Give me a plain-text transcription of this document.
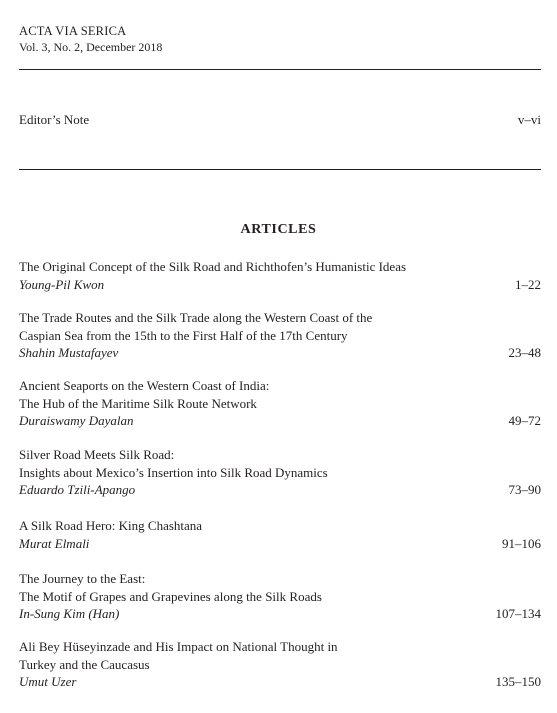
ACTA VIA SERICA
Vol. 3, No. 2, December 2018
Editor’s Note	v–vi
ARTICLES
The Original Concept of the Silk Road and Richthofen’s Humanistic Ideas
Young-Pil Kwon	1–22
The Trade Routes and the Silk Trade along the Western Coast of the
Caspian Sea from the 15th to the First Half of the 17th Century
Shahin Mustafayev	23–48
Ancient Seaports on the Western Coast of India:
The Hub of the Maritime Silk Route Network
Duraiswamy Dayalan	49–72
Silver Road Meets Silk Road:
Insights about Mexico’s Insertion into Silk Road Dynamics
Eduardo Tzili-Apango	73–90
A Silk Road Hero: King Chashtana
Murat Elmali	91–106
The Journey to the East:
The Motif of Grapes and Grapevines along the Silk Roads
In-Sung Kim (Han)	107–134
Ali Bey Hüseyinzade and His Impact on National Thought in
Turkey and the Caucasus
Umut Uzer	135–150
